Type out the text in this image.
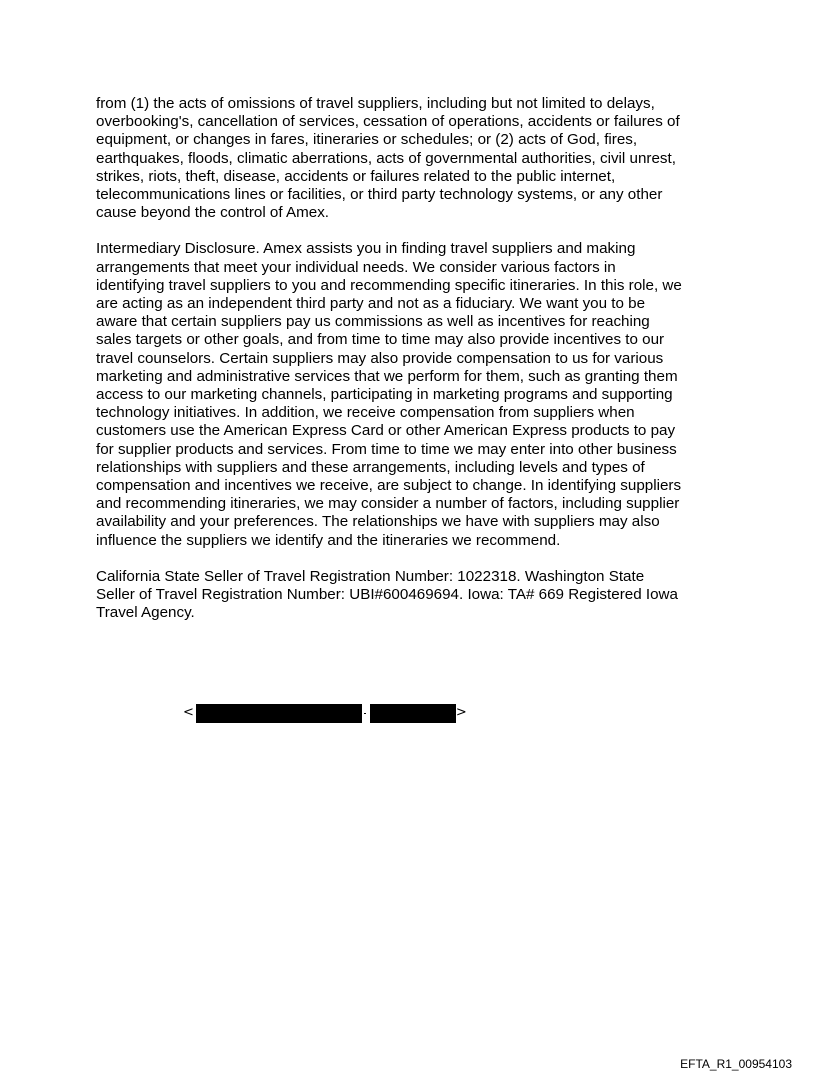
from (1) the acts of omissions of travel suppliers, including but not limited to delays,
overbooking's, cancellation of services, cessation of operations, accidents or failures of
equipment, or changes in fares, itineraries or schedules; or (2) acts of God, fires,
earthquakes, floods, climatic aberrations, acts of governmental authorities, civil unrest,
strikes, riots, theft, disease, accidents or failures related to the public internet,
telecommunications lines or facilities, or third party technology systems, or any other
cause beyond the control of Amex.
Intermediary Disclosure. Amex assists you in finding travel suppliers and making
arrangements that meet your individual needs. We consider various factors in
identifying travel suppliers to you and recommending specific itineraries. In this role, we
are acting as an independent third party and not as a fiduciary. We want you to be
aware that certain suppliers pay us commissions as well as incentives for reaching
sales targets or other goals, and from time to time may also provide incentives to our
travel counselors. Certain suppliers may also provide compensation to us for various
marketing and administrative services that we perform for them, such as granting them
access to our marketing channels, participating in marketing programs and supporting
technology initiatives. In addition, we receive compensation from suppliers when
customers use the American Express Card or other American Express products to pay
for supplier products and services. From time to time we may enter into other business
relationships with suppliers and these arrangements, including levels and types of
compensation and incentives we receive, are subject to change. In identifying suppliers
and recommending itineraries, we may consider a number of factors, including supplier
availability and your preferences. The relationships we have with suppliers may also
influence the suppliers we identify and the itineraries we recommend.
California State Seller of Travel Registration Number: 1022318. Washington State
Seller of Travel Registration Number: UBI#600469694. Iowa: TA# 669 Registered Iowa
Travel Agency.
<	>
EFTA_R1_00954103
